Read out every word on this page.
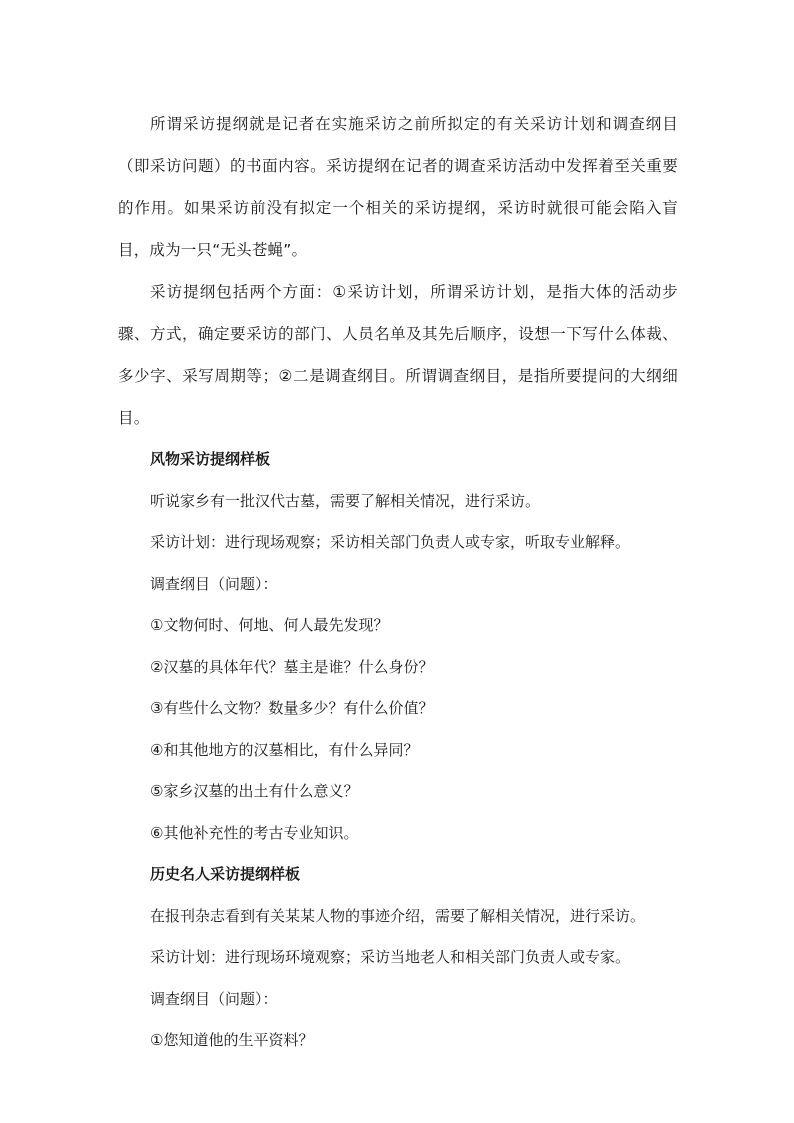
所谓采访提纲就是记者在实施采访之前所拟定的有关采访计划和调查纲目（即采访问题）的书面内容。采访提纲在记者的调查采访活动中发挥着至关重要的作用。如果采访前没有拟定一个相关的采访提纲，采访时就很可能会陷入盲目，成为一只“无头苍蝇”。

采访提纲包括两个方面：①采访计划，所谓采访计划，是指大体的活动步骤、方式，确定要采访的部门、人员名单及其先后顺序，设想一下写什么体裁、多少字、采写周期等；②二是调查纲目。所谓调查纲目，是指所要提问的大纲细目。

风物采访提纲样板

听说家乡有一批汉代古墓，需要了解相关情况，进行采访。

采访计划：进行现场观察；采访相关部门负责人或专家，听取专业解释。

调查纲目（问题）：

①文物何时、何地、何人最先发现？

②汉墓的具体年代？墓主是谁？什么身份？

③有些什么文物？数量多少？有什么价值？

④和其他地方的汉墓相比，有什么异同？

⑤家乡汉墓的出土有什么意义？

⑥其他补充性的考古专业知识。

历史名人采访提纲样板

在报刊杂志看到有关某某人物的事迹介绍，需要了解相关情况，进行采访。

采访计划：进行现场环境观察；采访当地老人和相关部门负责人或专家。

调查纲目（问题）：

①您知道他的生平资料？
